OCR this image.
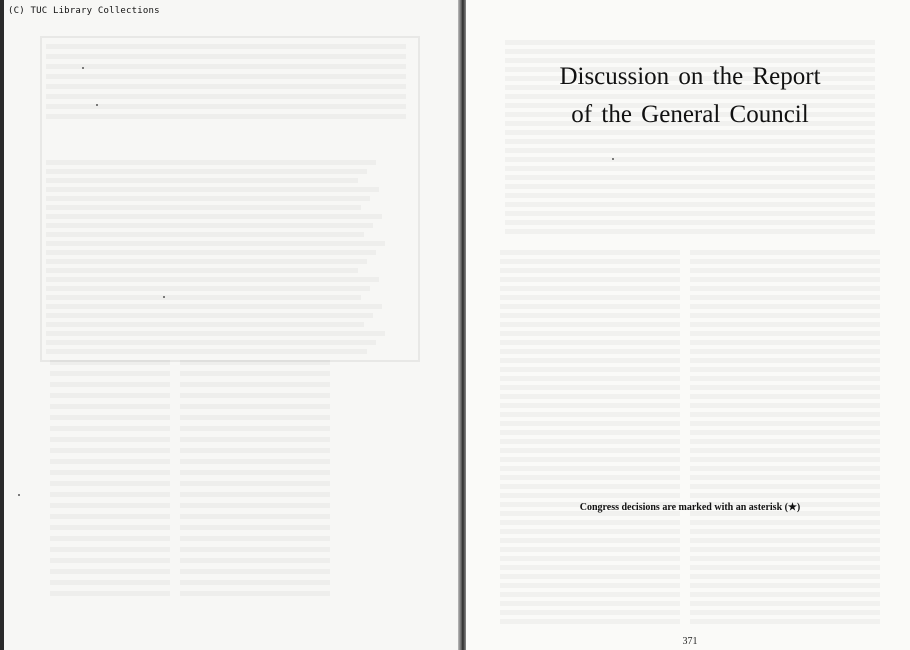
(C) TUC Library Collections
Discussion on the Report
of the General Council
Congress decisions are marked with an asterisk (★)
371
